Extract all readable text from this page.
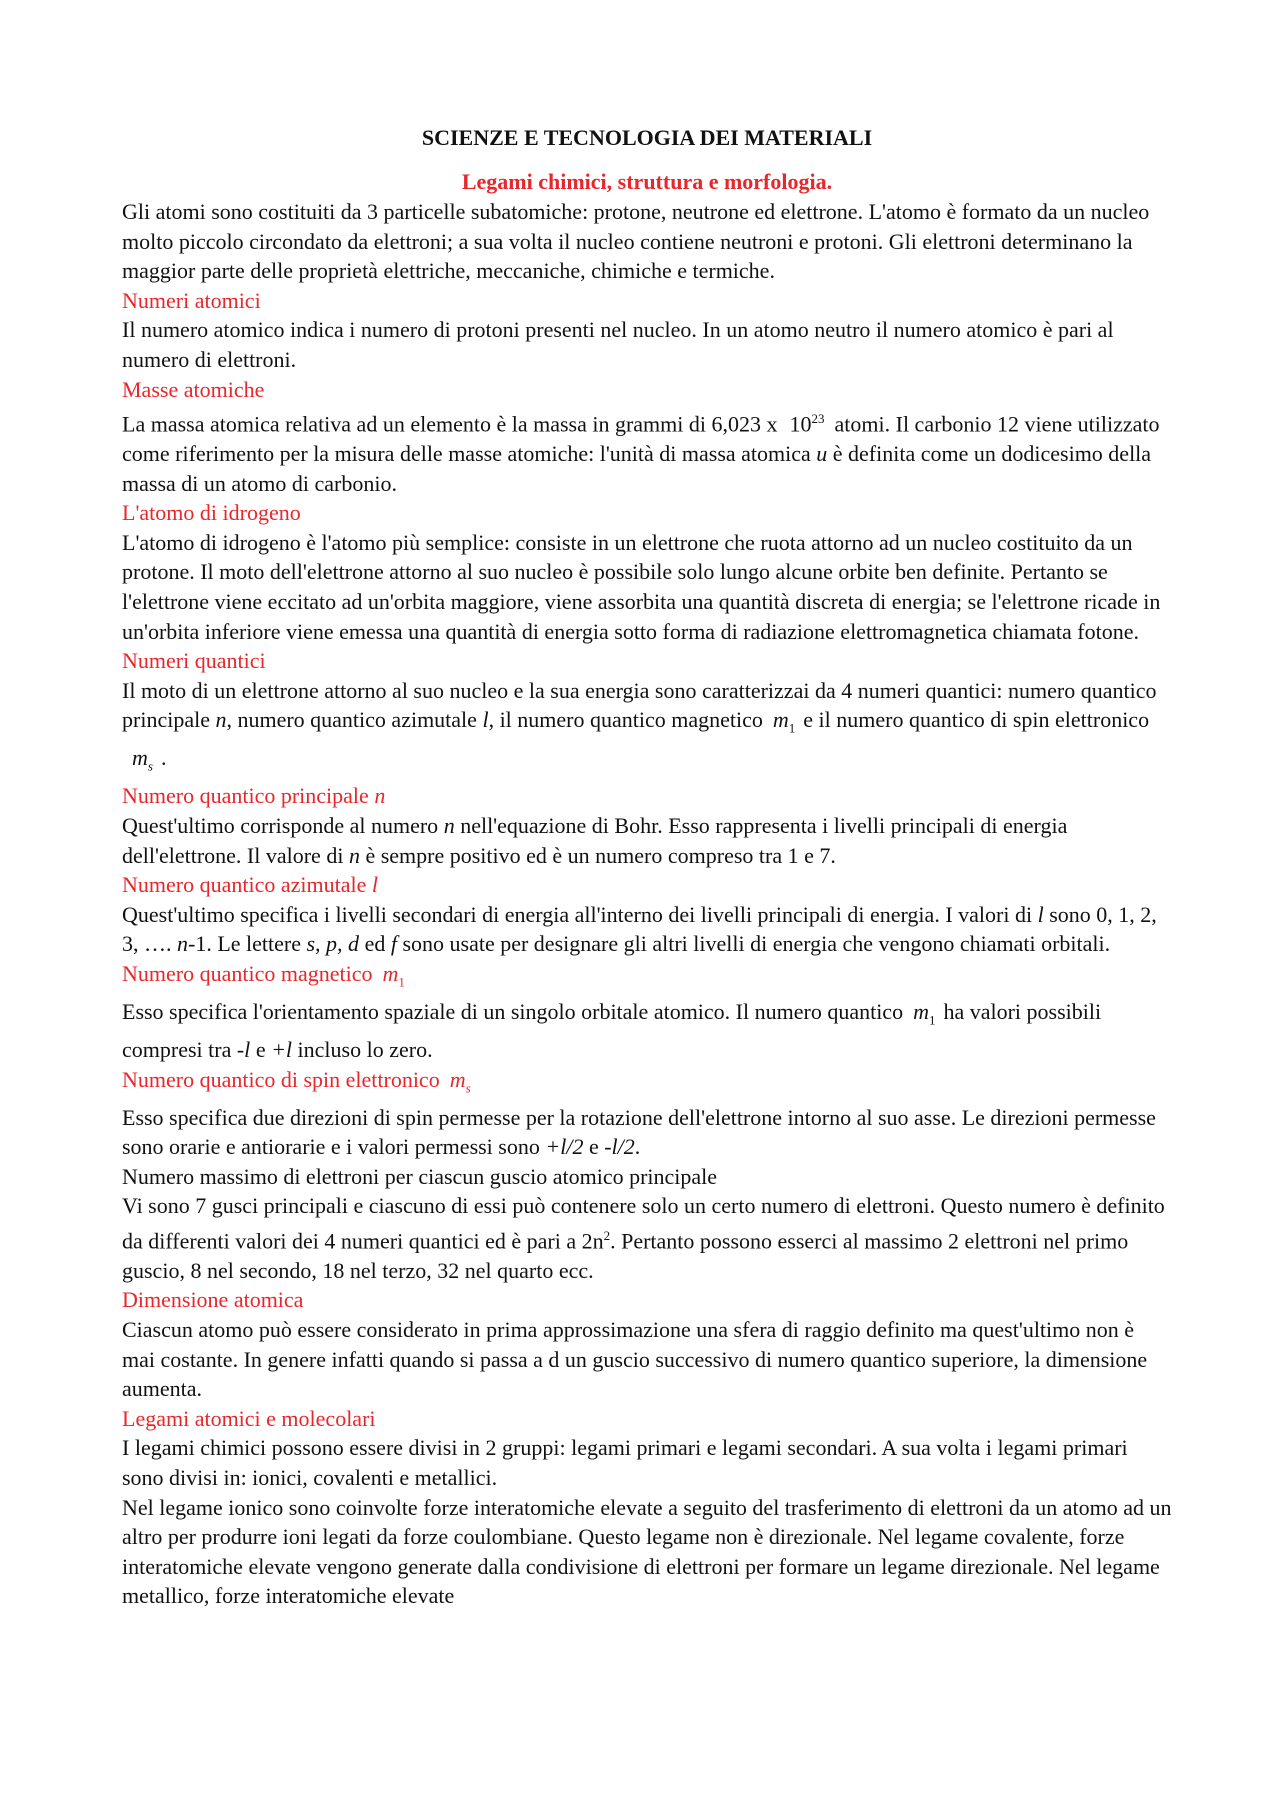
SCIENZE E TECNOLOGIA DEI MATERIALI
Legami chimici, struttura e morfologia.

Gli atomi sono costituiti da 3 particelle subatomiche: protone, neutrone ed elettrone. L'atomo è formato da un nucleo molto piccolo circondato da elettroni; a sua volta il nucleo contiene neutroni e protoni. Gli elettroni determinano la maggior parte delle proprietà elettriche, meccaniche, chimiche e termiche.

Numeri atomici

Il numero atomico indica i numero di protoni presenti nel nucleo. In un atomo neutro il numero atomico è pari al numero di elettroni.

Masse atomiche

La massa atomica relativa ad un elemento è la massa in grammi di 6,023 x $10^{23}$ atomi. Il carbonio 12 viene utilizzato come riferimento per la misura delle masse atomiche: l'unità di massa atomica u è definita come un dodicesimo della massa di un atomo di carbonio.

L'atomo di idrogeno

L'atomo di idrogeno è l'atomo più semplice: consiste in un elettrone che ruota attorno ad un nucleo costituito da un protone. Il moto dell'elettrone attorno al suo nucleo è possibile solo lungo alcune orbite ben definite. Pertanto se l'elettrone viene eccitato ad un'orbita maggiore, viene assorbita una quantità discreta di energia; se l'elettrone ricade in un'orbita inferiore viene emessa una quantità di energia sotto forma di radiazione elettromagnetica chiamata fotone.

Numeri quantici

Il moto di un elettrone attorno al suo nucleo e la sua energia sono caratterizzai da 4 numeri quantici: numero quantico principale n, numero quantico azimutale l, il numero quantico magnetico $m_1$ e il numero quantico di spin elettronicom$_s$ .

Numero quantico principale n

Quest'ultimo corrisponde al numero n nell'equazione di Bohr. Esso rappresenta i livelli principali di energia dell'elettrone. Il valore di n è sempre positivo ed è un numero compreso tra 1 e 7.

Numero quantico azimutale l

Quest'ultimo specifica i livelli secondari di energia all'interno dei livelli principali di energia. I valori di l sono 0, 1, 2, 3, …. n-1. Le lettere s, p, d ed f sono usate per designare gli altri livelli di energia che vengono chiamati orbitali.

Numero quantico magnetico $m_1$

Esso specifica l'orientamento spaziale di un singolo orbitale atomico. Il numero quantico $m_1$ ha valori possibili compresi tra -l e +l incluso lo zero.

Numero quantico di spin elettronico $m_s$

Esso specifica due direzioni di spin permesse per la rotazione dell'elettrone intorno al suo asse. Le direzioni permesse sono orarie e antiorarie e i valori permessi sono +l/2 e -l/2.

Numero massimo di elettroni per ciascun guscio atomico principale

Vi sono 7 gusci principali e ciascuno di essi può contenere solo un certo numero di elettroni. Questo numero è definito da differenti valori dei 4 numeri quantici ed è pari a $2n^2$. Pertanto possono esserci al massimo 2 elettroni nel primo guscio, 8 nel secondo, 18 nel terzo, 32 nel quarto ecc.

Dimensione atomica

Ciascun atomo può essere considerato in prima approssimazione una sfera di raggio definito ma quest'ultimo non è mai costante. In genere infatti quando si passa a d un guscio successivo di numero quantico superiore, la dimensione aumenta.

Legami atomici e molecolari

I legami chimici possono essere divisi in 2 gruppi: legami primari e legami secondari. A sua volta i legami primari sono divisi in: ionici, covalenti e metallici.

Nel legame ionico sono coinvolte forze interatomiche elevate a seguito del trasferimento di elettroni da un atomo ad un altro per produrre ioni legati da forze coulombiane. Questo legame non è direzionale. Nel legame covalente, forze interatomiche elevate vengono generate dalla condivisione di elettroni per formare un legame direzionale. Nel legame metallico, forze interatomiche elevate
